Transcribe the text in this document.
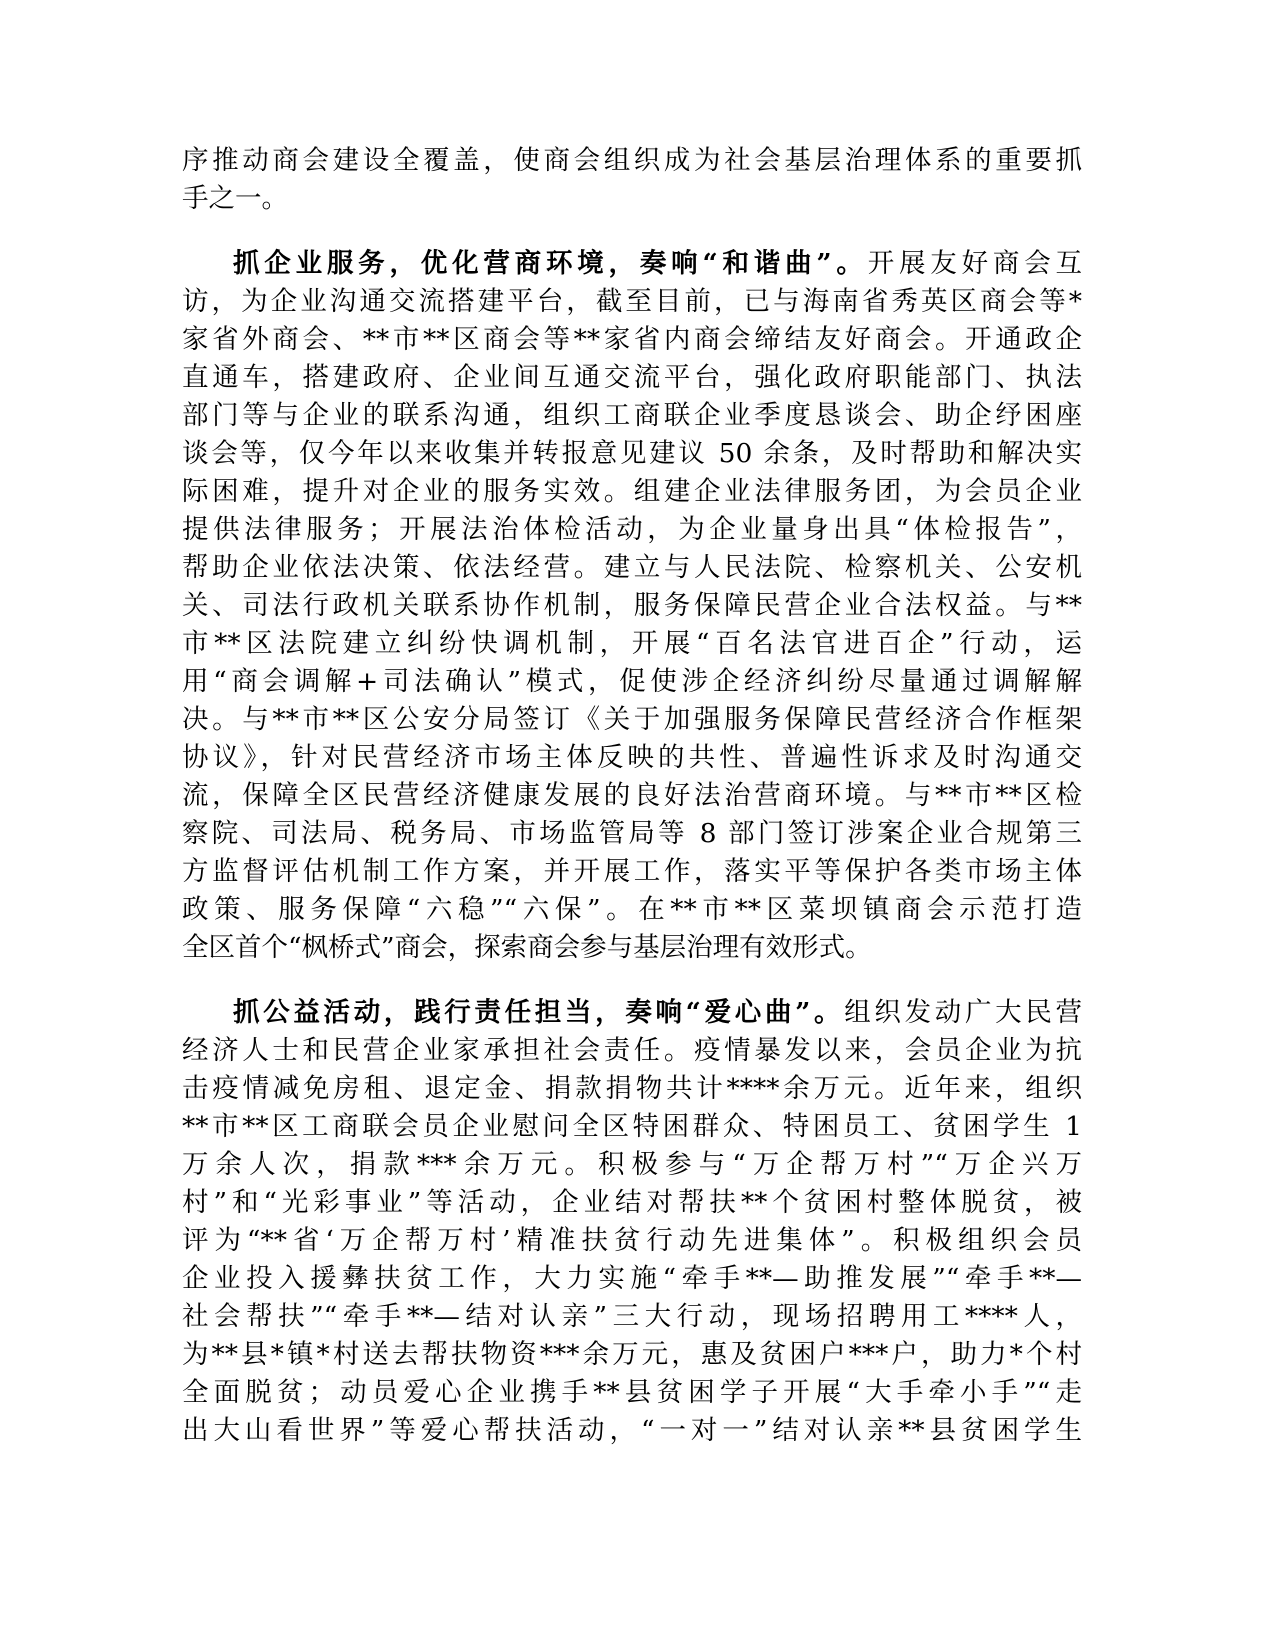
序推动商会建设全覆盖，使商会组织成为社会基层治理体系的重要抓
手之一。
抓企业服务，优化营商环境，奏响“和谐曲”。开展友好商会互
访，为企业沟通交流搭建平台，截至目前，已与海南省秀英区商会等*
家省外商会、**市**区商会等**家省内商会缔结友好商会。开通政企
直通车，搭建政府、企业间互通交流平台，强化政府职能部门、执法
部门等与企业的联系沟通，组织工商联企业季度恳谈会、助企纾困座
谈会等，仅今年以来收集并转报意见建议 50 余条，及时帮助和解决实
际困难，提升对企业的服务实效。组建企业法律服务团，为会员企业
提供法律服务；开展法治体检活动，为企业量身出具“体检报告”，
帮助企业依法决策、依法经营。建立与人民法院、检察机关、公安机
关、司法行政机关联系协作机制，服务保障民营企业合法权益。与**
市**区法院建立纠纷快调机制，开展“百名法官进百企”行动，运
用“商会调解+司法确认”模式，促使涉企经济纠纷尽量通过调解解
决。与**市**区公安分局签订《关于加强服务保障民营经济合作框架
协议》，针对民营经济市场主体反映的共性、普遍性诉求及时沟通交
流，保障全区民营经济健康发展的良好法治营商环境。与**市**区检
察院、司法局、税务局、市场监管局等 8 部门签订涉案企业合规第三
方监督评估机制工作方案，并开展工作，落实平等保护各类市场主体
政策、服务保障“六稳”“六保”。在**市**区菜坝镇商会示范打造
全区首个“枫桥式”商会，探索商会参与基层治理有效形式。
抓公益活动，践行责任担当，奏响“爱心曲”。组织发动广大民营
经济人士和民营企业家承担社会责任。疫情暴发以来，会员企业为抗
击疫情减免房租、退定金、捐款捐物共计****余万元。近年来，组织
**市**区工商联会员企业慰问全区特困群众、特困员工、贫困学生 1
万余人次，捐款***余万元。积极参与“万企帮万村”“万企兴万
村”和“光彩事业”等活动，企业结对帮扶**个贫困村整体脱贫，被
评为“**省‘万企帮万村’精准扶贫行动先进集体”。积极组织会员
企业投入援彝扶贫工作，大力实施“牵手**—助推发展”“牵手**—
社会帮扶”“牵手**—结对认亲”三大行动，现场招聘用工****人，
为**县*镇*村送去帮扶物资***余万元，惠及贫困户***户，助力*个村
全面脱贫；动员爱心企业携手**县贫困学子开展“大手牵小手”“走
出大山看世界”等爱心帮扶活动，“一对一”结对认亲**县贫困学生
